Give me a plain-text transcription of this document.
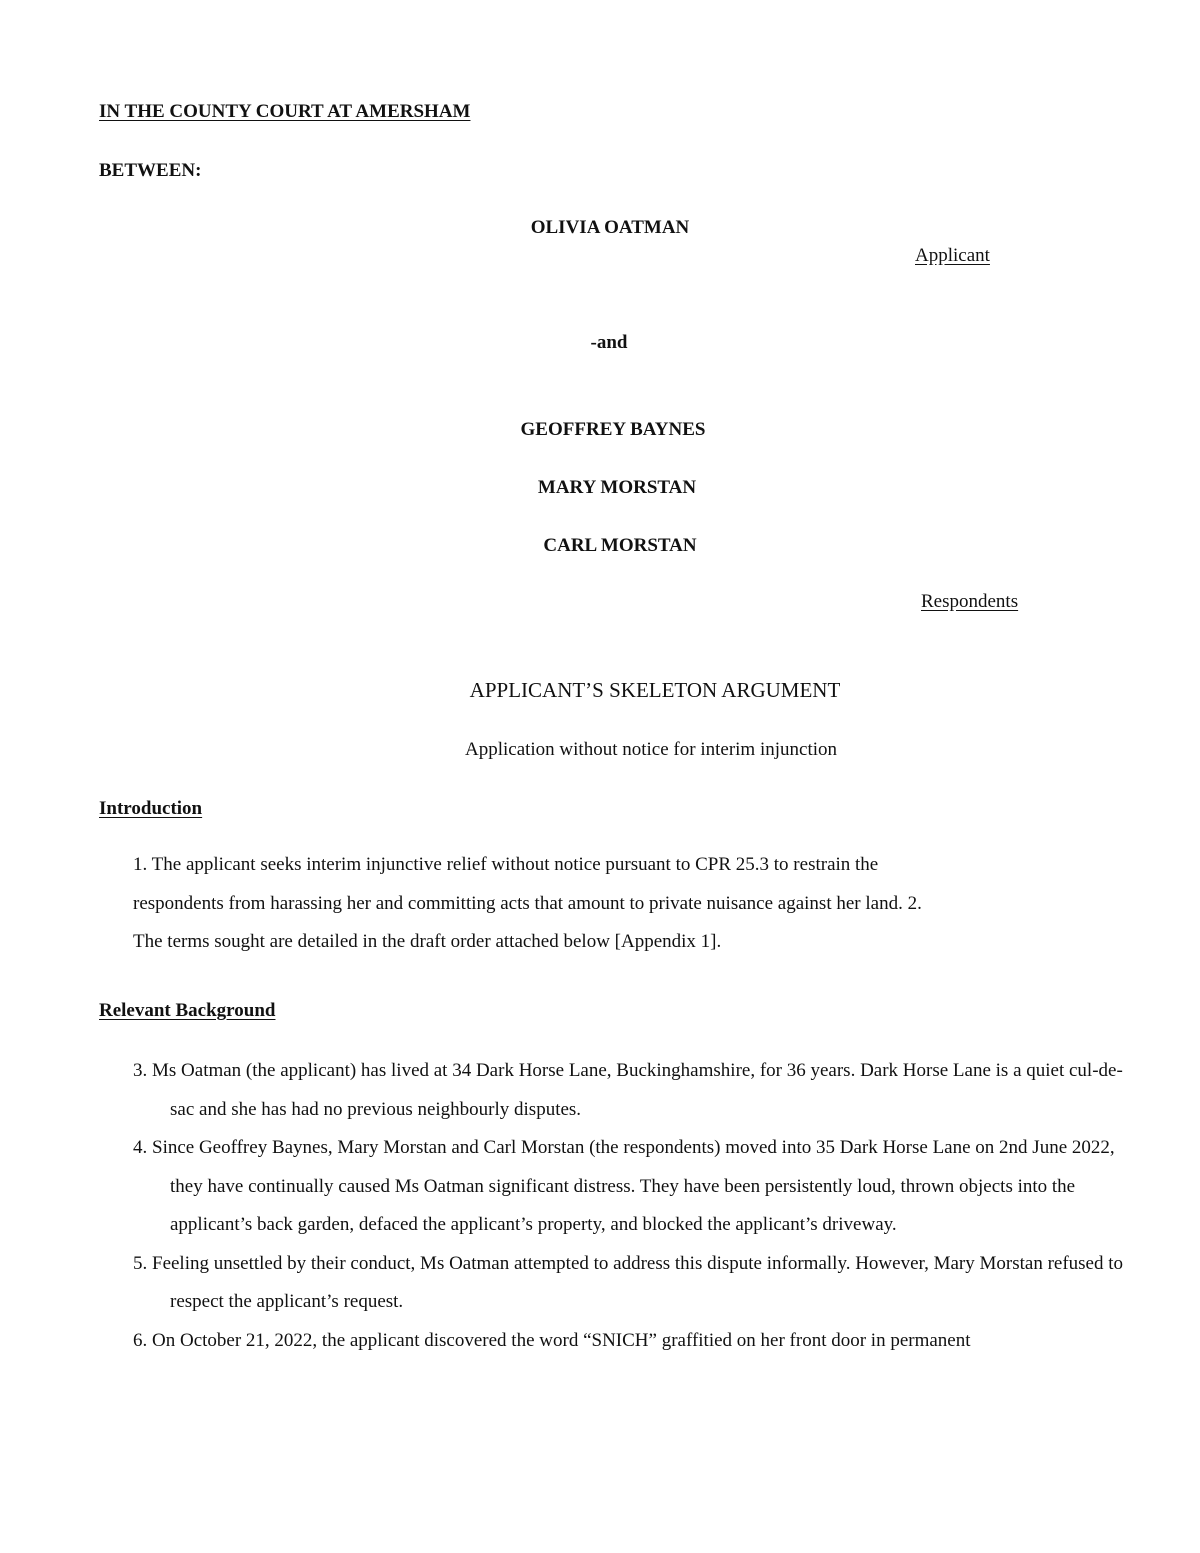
IN THE COUNTY COURT AT AMERSHAM
BETWEEN:
OLIVIA OATMAN
Applicant
-and
GEOFFREY BAYNES
MARY MORSTAN
CARL MORSTAN
Respondents
APPLICANT’S SKELETON ARGUMENT
Application without notice for interim injunction
Introduction
1. The applicant seeks interim injunctive relief without notice pursuant to CPR 25.3 to restrain the
respondents from harassing her and committing acts that amount to private nuisance against her land. 2.
The terms sought are detailed in the draft order attached below [Appendix 1].
Relevant Background
3. Ms Oatman (the applicant) has lived at 34 Dark Horse Lane, Buckinghamshire, for 36 years. Dark Horse Lane is a quiet cul-de-sac and she has had no previous neighbourly disputes.
4. Since Geoffrey Baynes, Mary Morstan and Carl Morstan (the respondents) moved into 35 Dark Horse Lane on 2nd June 2022, they have continually caused Ms Oatman significant distress. They have been persistently loud, thrown objects into the applicant’s back garden, defaced the applicant’s property, and blocked the applicant’s driveway.
5. Feeling unsettled by their conduct, Ms Oatman attempted to address this dispute informally. However, Mary Morstan refused to respect the applicant’s request.
6. On October 21, 2022, the applicant discovered the word “SNICH” graffitied on her front door in permanent
